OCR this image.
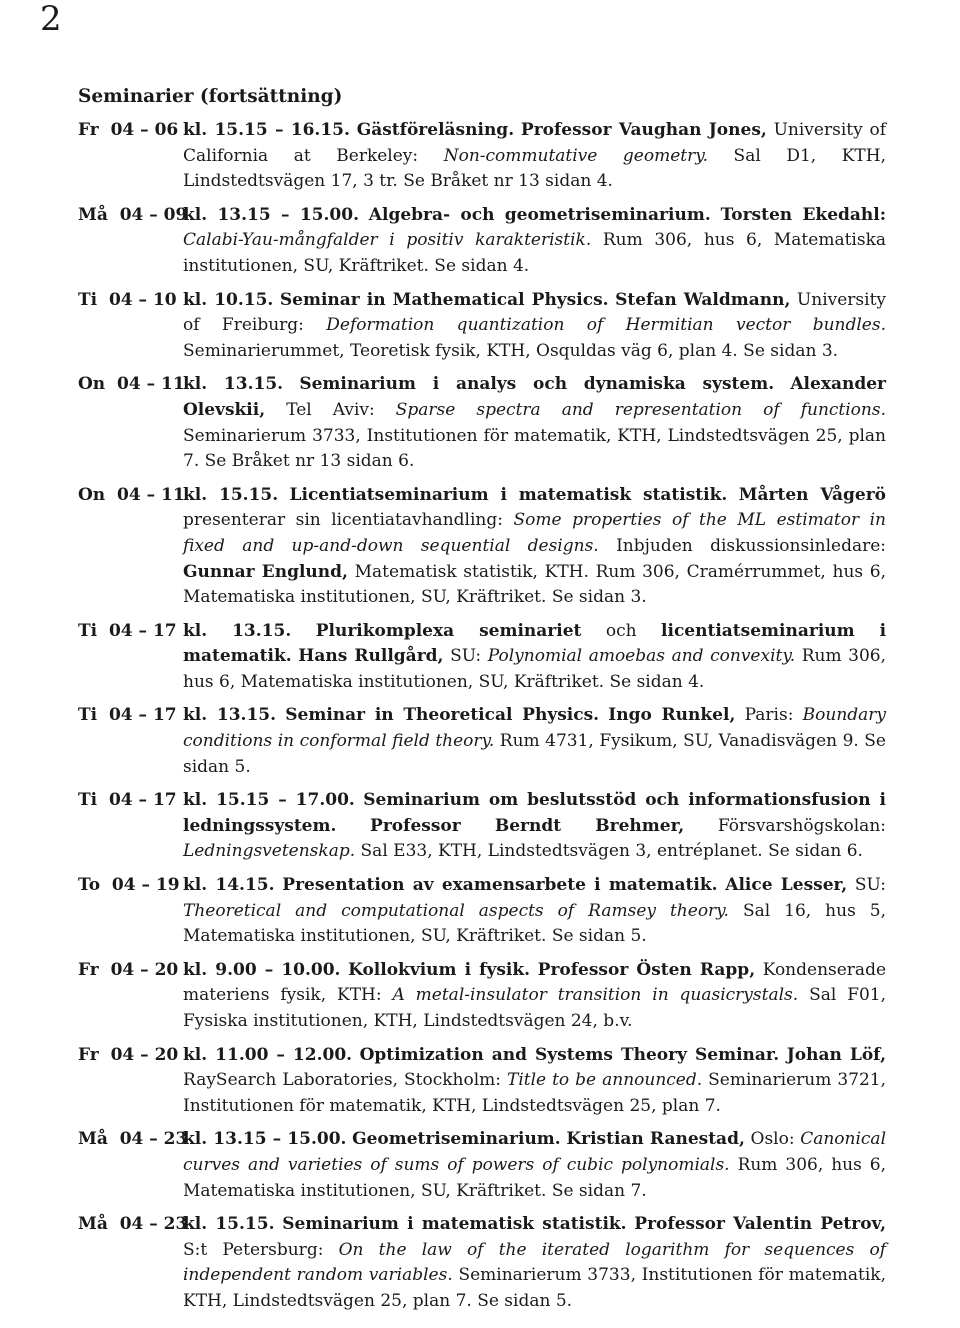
2
Seminarier (fortsättning)
Fr 04 – 06 kl. 15.15 – 16.15. Gästföreläsning. Professor Vaughan Jones, University of California at Berkeley: Non-commutative geometry. Sal D1, KTH, Lindstedtsvägen 17, 3 tr. Se Bråket nr 13 sidan 4.
Må 04 – 09
kl. 13.15 – 15.00. Algebra- och geometriseminarium. Torsten Ekedahl: Calabi-Yau-mångfalder i positiv karakteristik. Rum 306, hus 6, Matematiska institutionen, SU, Kräftriket. Se sidan 4.
Ti 04 – 10 kl. 10.15. Seminar in Mathematical Physics. Stefan Waldmann, University of Freiburg: Deformation quantization of Hermitian vector bundles. Seminarierummet, Teoretisk fysik, KTH, Osquldas väg 6, plan 4. Se sidan 3.
On 04 – 11
kl. 13.15. Seminarium i analys och dynamiska system. Alexander Olevskii, Tel Aviv: Sparse spectra and representation of functions. Seminarierum 3733, Institutionen för matematik, KTH, Lindstedtsvägen 25, plan 7. Se Bråket nr 13 sidan 6.
On 04 – 11
kl. 15.15. Licentiatseminarium i matematisk statistik. Mårten Vågerö presenterar sin licentiatavhandling: Some properties of the ML estimator in fixed and up-and-down sequential designs. Inbjuden diskussionsinledare: Gunnar Englund, Matematisk statistik, KTH. Rum 306, Cramérrummet, hus 6, Matematiska institutionen, SU, Kräftriket. Se sidan 3.
Ti 04 – 17 kl. 13.15. Plurikomplexa seminariet och licentiatseminarium i matematik. Hans Rullgård, SU: Polynomial amoebas and convexity. Rum 306, hus 6, Matematiska institutionen, SU, Kräftriket. Se sidan 4.
Ti 04 – 17 kl. 13.15. Seminar in Theoretical Physics. Ingo Runkel, Paris: Boundary conditions in conformal field theory. Rum 4731, Fysikum, SU, Vanadisvägen 9. Se sidan 5.
Ti 04 – 17 kl. 15.15 – 17.00. Seminarium om beslutsstöd och informationsfusion i ledningssystem. Professor Berndt Brehmer, Försvarshögskolan: Ledningsvetenskap. Sal E33, KTH, Lindstedtsvägen 3, entréplanet. Se sidan 6.
To 04 – 19 kl. 14.15. Presentation av examensarbete i matematik. Alice Lesser, SU: Theoretical and computational aspects of Ramsey theory. Sal 16, hus 5, Matematiska institutionen, SU, Kräftriket. Se sidan 5.
Fr 04 – 20 kl. 9.00 – 10.00. Kollokvium i fysik. Professor Östen Rapp, Kondenserade materiens fysik, KTH: A metal-insulator transition in quasicrystals. Sal F01, Fysiska institutionen, KTH, Lindstedtsvägen 24, b.v.
Fr 04 – 20 kl. 11.00 – 12.00. Optimization and Systems Theory Seminar. Johan Löf, RaySearch Laboratories, Stockholm: Title to be announced. Seminarierum 3721, Institutionen för matematik, KTH, Lindstedtsvägen 25, plan 7.
Må 04 – 23
kl. 13.15 – 15.00. Geometriseminarium. Kristian Ranestad, Oslo: Canonical curves and varieties of sums of powers of cubic polynomials. Rum 306, hus 6, Matematiska institutionen, SU, Kräftriket. Se sidan 7.
Må 04 – 23
kl. 15.15. Seminarium i matematisk statistik. Professor Valentin Petrov, S:t Petersburg: On the law of the iterated logarithm for sequences of independent random variables. Seminarierum 3733, Institutionen för matematik, KTH, Lindstedtsvägen 25, plan 7. Se sidan 5.
